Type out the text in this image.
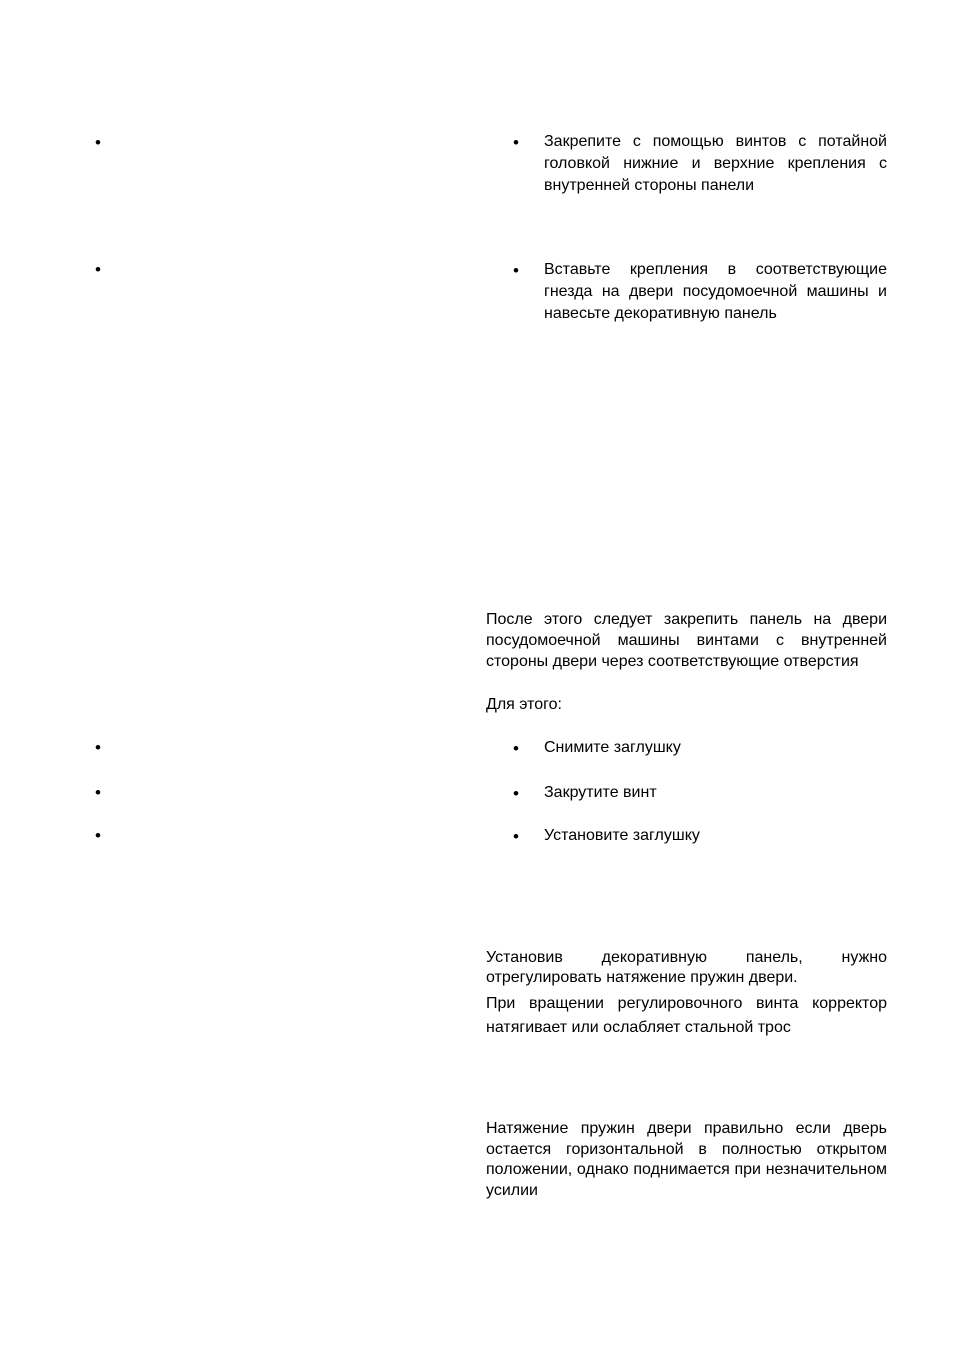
•
•
•
•
•
• Закрепите с помощью винтов с потайной головкой нижние и верхние крепления с внутренней стороны панели
• Вставьте крепления в соответствующие гнезда на двери посудомоечной машины и навесьте декоративную панель
После этого следует закрепить панель на двери посудомоечной машины винтами с внутренней стороны двери через соответствующие отверстия
Для этого:
• Снимите заглушку
• Закрутите винт
• Установите заглушку
Установив декоративную панель, нужно отрегулировать натяжение пружин двери.
При вращении регулировочного винта корректор натягивает или ослабляет стальной трос
Натяжение пружин двери правильно если дверь остается горизонтальной в полностью открытом положении, однако поднимается при незначительном усилии
